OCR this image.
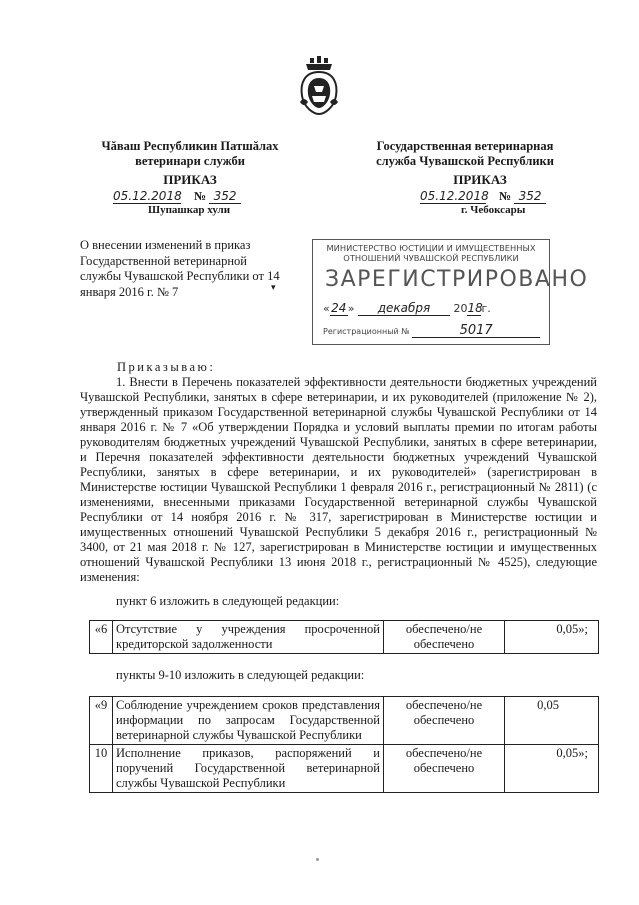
Чăваш Республикин Патшăлах
ветеринари служби
Государственная ветеринарная
служба Чувашской Республики
ПРИКАЗ	ПРИКАЗ
05.12.2018 № 352
Шупашкар хули
05.12.2018 № 352
г. Чебоксары
О внесении изменений в приказ Государственной ветеринарной службы Чувашской Республики от 14 января 2016 г. № 7	▾
МИНИСТЕРСТВО ЮСТИЦИИ И ИМУЩЕСТВЕННЫХ
ОТНОШЕНИЙ ЧУВАШСКОЙ РЕСПУБЛИКИ
ЗАРЕГИСТРИРОВАНО
«24» декабря 2018г.
Регистрационный №	5017
Приказываю:
1. Внести в Перечень показателей эффективности деятельности бюджетных учреждений Чувашской Республики, занятых в сфере ветеринарии, и их руководителей (приложение № 2), утвержденный приказом Государственной ветеринарной службы Чувашской Республики от 14 января 2016 г. № 7 «Об утверждении Порядка и условий выплаты премии по итогам работы руководителям бюджетных учреждений Чувашской Республики, занятых в сфере ветеринарии, и Перечня показателей эффективности деятельности бюджетных учреждений Чувашской Республики, занятых в сфере ветеринарии, и их руководителей» (зарегистрирован в Министерстве юстиции Чувашской Республики 1 февраля 2016 г., регистрационный № 2811) (с изменениями, внесенными приказами Государственной ветеринарной службы Чувашской Республики от 14 ноября 2016 г. № 317, зарегистрирован в Министерстве юстиции и имущественных отношений Чувашской Республики 5 декабря 2016 г., регистрационный № 3400, от 21 мая 2018 г. № 127, зарегистрирован в Министерстве юстиции и имущественных отношений Чувашской Республики 13 июня 2018 г., регистрационный № 4525), следующие изменения:
пункт 6 изложить в следующей редакции:
«6	Отсутствие у учреждения просроченной кредиторской задолженности	обеспечено/не обеспечено	0,05»;
пункты 9-10 изложить в следующей редакции:
«9	Соблюдение учреждением сроков представления информации по запросам Государственной ветеринарной службы Чувашской Республики	обеспечено/не обеспечено	0,05
10	Исполнение приказов, распоряжений и поручений Государственной ветеринарной службы Чувашской Республики	обеспечено/не обеспечено	0,05»;
